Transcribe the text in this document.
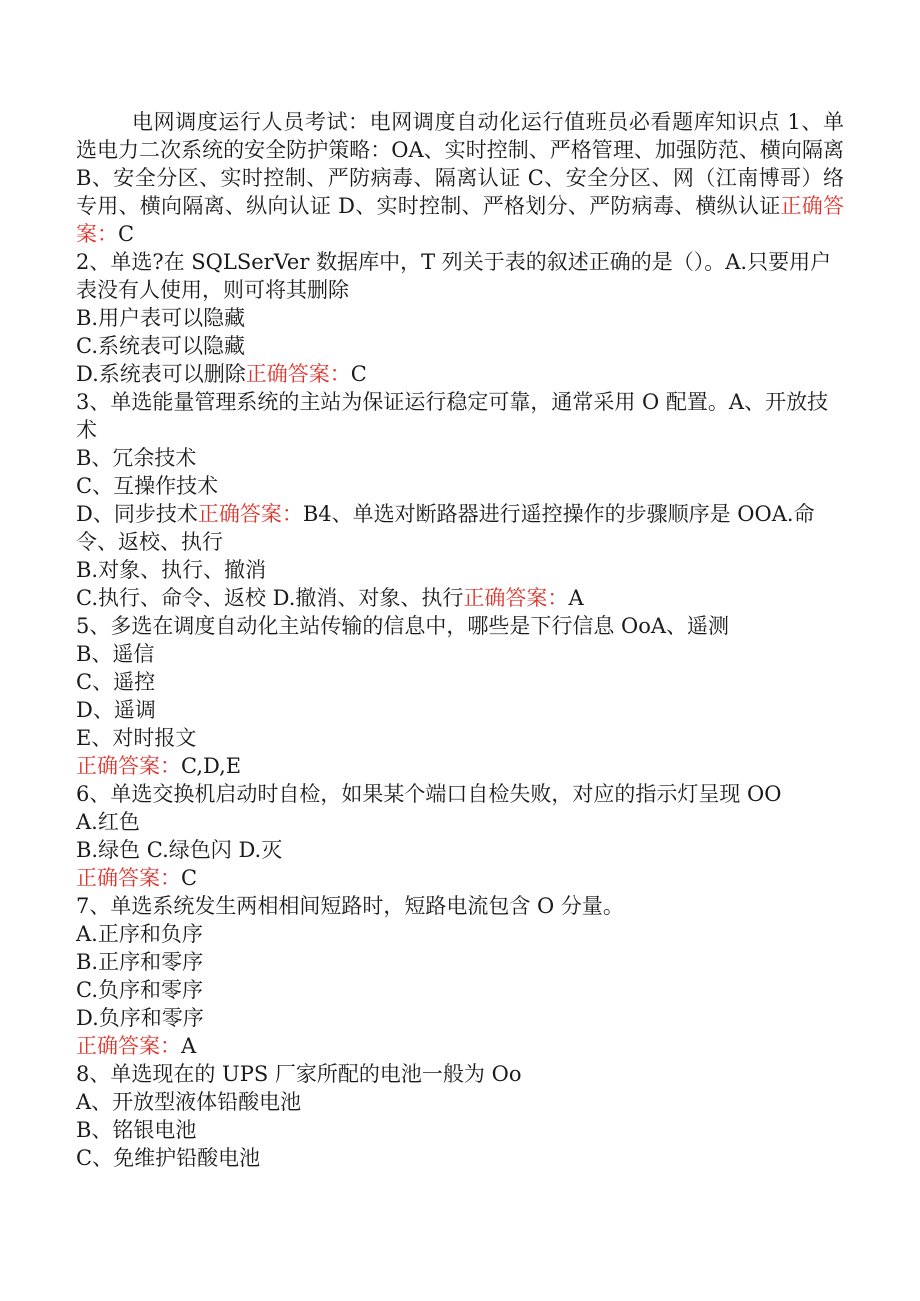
电网调度运行人员考试：电网调度自动化运行值班员必看题库知识点 1、单选电力二次系统的安全防护策略：OA、实时控制、严格管理、加强防范、横向隔离 B、安全分区、实时控制、严防病毒、隔离认证 C、安全分区、网（江南博哥）络专用、横向隔离、纵向认证 D、实时控制、严格划分、严防病毒、横纵认证正确答案：C

2、单选?在 SQLSerVer 数据库中，T 列关于表的叙述正确的是（）。A.只要用户表没有人使用，则可将其删除

B.用户表可以隐藏

C.系统表可以隐藏

D.系统表可以删除正确答案：C

3、单选能量管理系统的主站为保证运行稳定可靠，通常采用 O 配置。A、开放技术

B、冗余技术

C、互操作技术

D、同步技术正确答案：B4、单选对断路器进行遥控操作的步骤顺序是 OOA.命令、返校、执行

B.对象、执行、撤消

C.执行、命令、返校 D.撤消、对象、执行正确答案：A

5、多选在调度自动化主站传输的信息中，哪些是下行信息 OoA、遥测

B、遥信

C、遥控

D、遥调

E、对时报文

正确答案：C,D,E

6、单选交换机启动时自检，如果某个端口自检失败，对应的指示灯呈现 OO

A.红色

B.绿色 C.绿色闪 D.灭

正确答案：C

7、单选系统发生两相相间短路时，短路电流包含 O 分量。

A.正序和负序

B.正序和零序

C.负序和零序

D.负序和零序

正确答案：A

8、单选现在的 UPS 厂家所配的电池一般为 Oo

A、开放型液体铅酸电池

B、铭银电池

C、免维护铅酸电池
